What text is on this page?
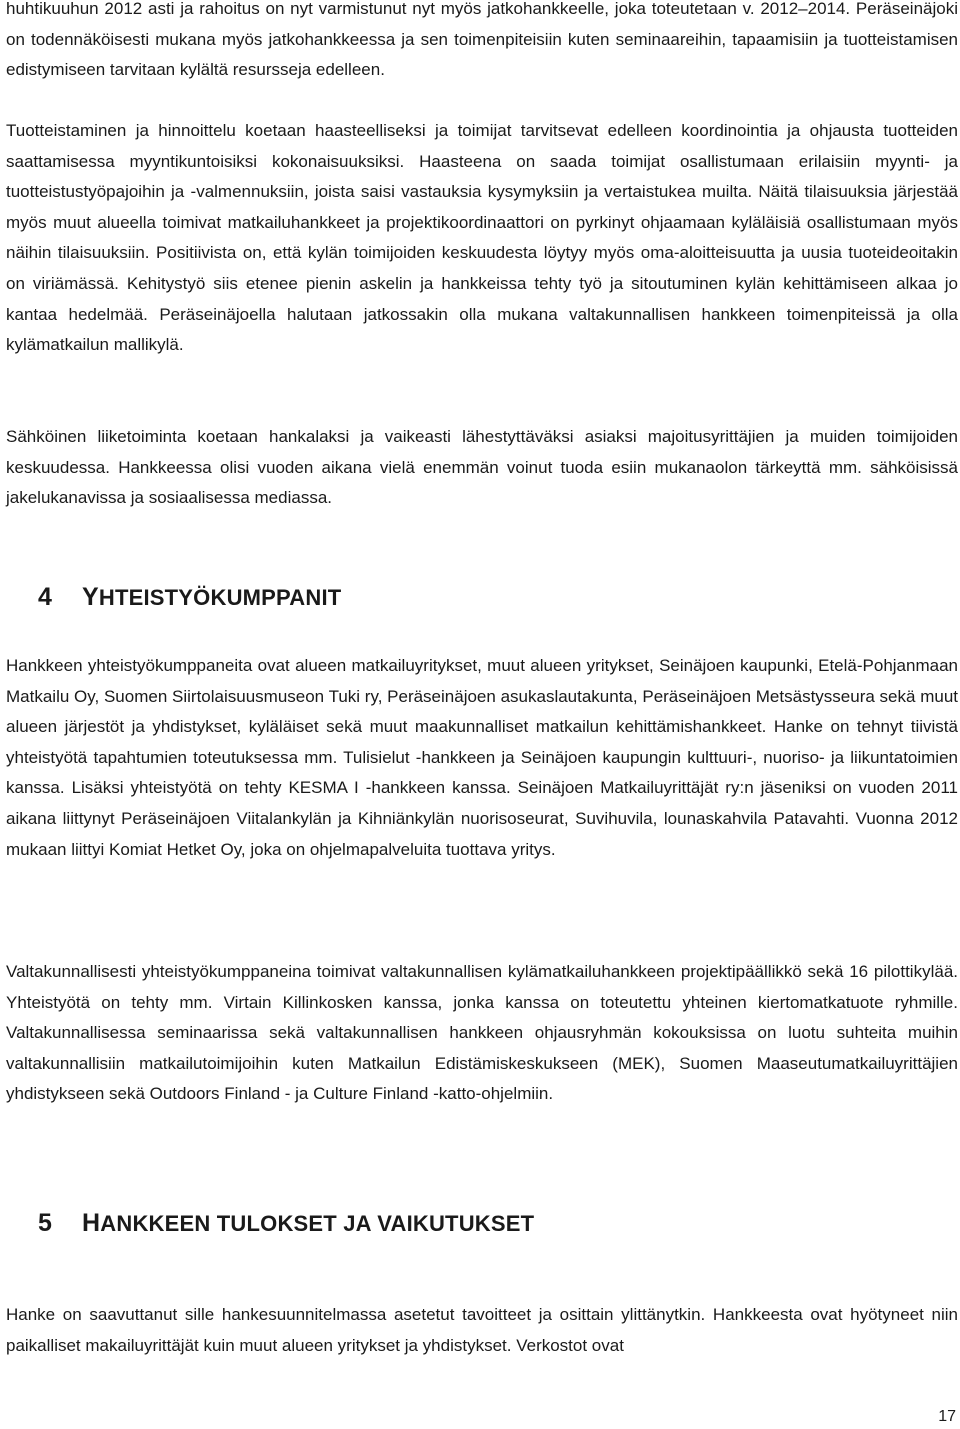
huhtikuuhun 2012 asti ja rahoitus on nyt varmistunut nyt myös jatkohankkeelle, joka toteutetaan v. 2012–2014. Peräseinäjoki on todennäköisesti mukana myös jatkohankkeessa ja sen toimenpiteisiin kuten seminaareihin, tapaamisiin ja tuotteistamisen edistymiseen tarvitaan kylältä resursseja edelleen.

Tuotteistaminen ja hinnoittelu koetaan haasteelliseksi ja toimijat tarvitsevat edelleen koordinointia ja ohjausta tuotteiden saattamisessa myyntikuntoisiksi kokonaisuuksiksi. Haasteena on saada toimijat osallistumaan erilaisiin myynti- ja tuotteistustyöpajoihin ja -valmennuksiin, joista saisi vastauksia kysymyksiin ja vertaistukea muilta. Näitä tilaisuuksia järjestää myös muut alueella toimivat matkailuhankkeet ja projektikoordinaattori on pyrkinyt ohjaamaan kyläläisiä osallistumaan myös näihin tilaisuuksiin. Positiivista on, että kylän toimijoiden keskuudesta löytyy myös oma-aloitteisuutta ja uusia tuoteideoitakin on viriämässä. Kehitystyö siis etenee pienin askelin ja hankkeissa tehty työ ja sitoutuminen kylän kehittämiseen alkaa jo kantaa hedelmää. Peräseinäjoella halutaan jatkossakin olla mukana valtakunnallisen hankkeen toimenpiteissä ja olla kylämatkailun mallikylä.

Sähköinen liiketoiminta koetaan hankalaksi ja vaikeasti lähestyttäväksi asiaksi majoitusyrittäjien ja muiden toimijoiden keskuudessa. Hankkeessa olisi vuoden aikana vielä enemmän voinut tuoda esiin mukanaolon tärkeyttä mm. sähköisissä jakelukanavissa ja sosiaalisessa mediassa.

4 YHTEISTYÖKUMPPANIT

Hankkeen yhteistyökumppaneita ovat alueen matkailuyritykset, muut alueen yritykset, Seinäjoen kaupunki, Etelä-Pohjanmaan Matkailu Oy, Suomen Siirtolaisuusmuseon Tuki ry, Peräseinäjoen asukaslautakunta, Peräseinäjoen Metsästysseura sekä muut alueen järjestöt ja yhdistykset, kyläläiset sekä muut maakunnalliset matkailun kehittämishankkeet. Hanke on tehnyt tiivistä yhteistyötä tapahtumien toteutuksessa mm. Tulisielut -hankkeen ja Seinäjoen kaupungin kulttuuri-, nuoriso- ja liikuntatoimien kanssa. Lisäksi yhteistyötä on tehty KESMA I -hankkeen kanssa. Seinäjoen Matkailuyrittäjät ry:n jäseniksi on vuoden 2011 aikana liittynyt Peräseinäjoen Viitalankylän ja Kihniänkylän nuorisoseurat, Suvihuvila, lounaskahvila Patavahti. Vuonna 2012 mukaan liittyi Komiat Hetket Oy, joka on ohjelmapalveluita tuottava yritys.

Valtakunnallisesti yhteistyökumppaneina toimivat valtakunnallisen kylämatkailuhankkeen projektipäällikkö sekä 16 pilottikylää. Yhteistyötä on tehty mm. Virtain Killinkosken kanssa, jonka kanssa on toteutettu yhteinen kiertomatkatuote ryhmille. Valtakunnallisessa seminaarissa sekä valtakunnallisen hankkeen ohjausryhmän kokouksissa on luotu suhteita muihin valtakunnallisiin matkailutoimijoihin kuten Matkailun Edistämiskeskukseen (MEK), Suomen Maaseutumatkailuyrittäjien yhdistykseen sekä Outdoors Finland - ja Culture Finland -katto-ohjelmiin.

5 HANKKEEN TULOKSET JA VAIKUTUKSET

Hanke on saavuttanut sille hankesuunnitelmassa asetetut tavoitteet ja osittain ylittänytkin. Hankkeesta ovat hyötyneet niin paikalliset makailuyrittäjät kuin muut alueen yritykset ja yhdistykset. Verkostot ovat

17
